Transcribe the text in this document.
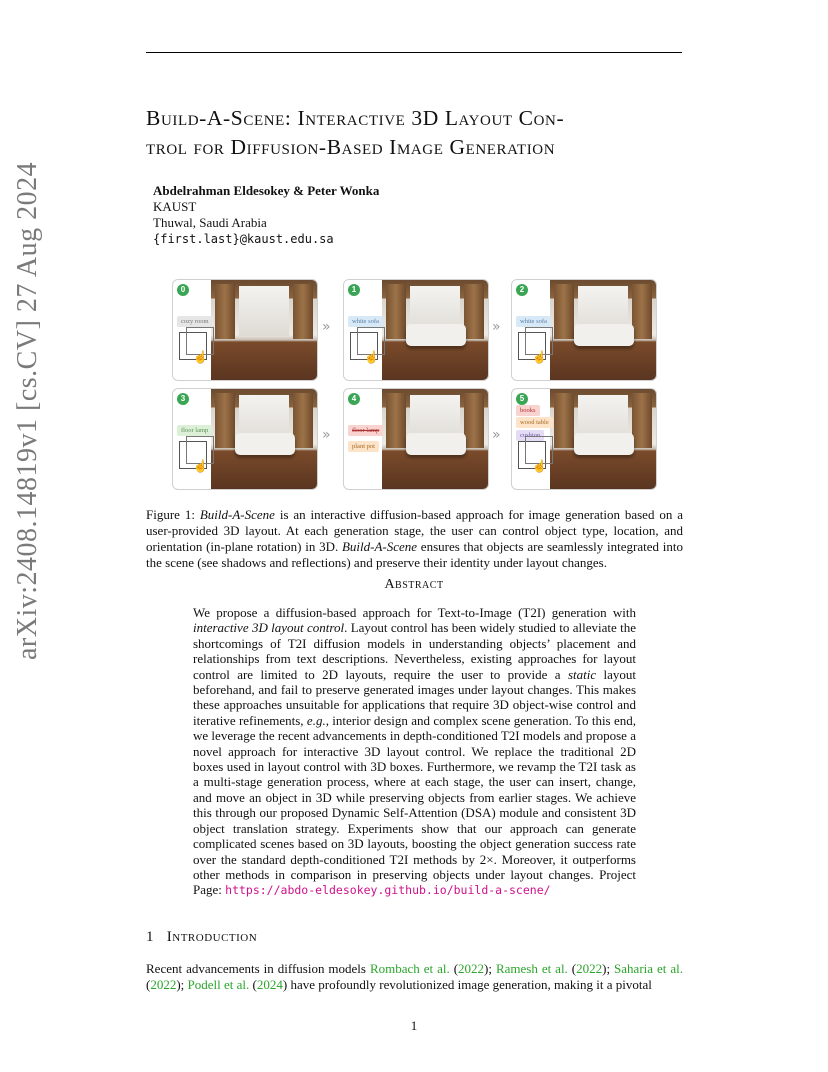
arXiv:2408.14819v1 [cs.CV] 27 Aug 2024
Build-A-Scene: Interactive 3D Layout Con-
trol for Diffusion-Based Image Generation
Abdelrahman Eldesokey & Peter Wonka
KAUST
Thuwal, Saudi Arabia
{first.last}@kaust.edu.sa
0
cozy room
☝
»
1
white sofa
☝
»
2
white sofa
☝
3
floor lamp
☝
»
4
floor lamp
plant pot
»
5
books
wood table
cushion
☝
Figure 1: Build-A-Scene is an interactive diffusion-based approach for image generation based on a user-provided 3D layout. At each generation stage, the user can control object type, location, and orientation (in-plane rotation) in 3D. Build-A-Scene ensures that objects are seamlessly integrated into the scene (see shadows and reflections) and preserve their identity under layout changes.
Abstract
We propose a diffusion-based approach for Text-to-Image (T2I) generation with interactive 3D layout control. Layout control has been widely studied to alleviate the shortcomings of T2I diffusion models in understanding objects’ placement and relationships from text descriptions. Nevertheless, existing approaches for layout control are limited to 2D layouts, require the user to provide a static layout beforehand, and fail to preserve generated images under layout changes. This makes these approaches unsuitable for applications that require 3D object-wise control and iterative refinements, e.g., interior design and complex scene generation. To this end, we leverage the recent advancements in depth-conditioned T2I models and propose a novel approach for interactive 3D layout control. We replace the traditional 2D boxes used in layout control with 3D boxes. Furthermore, we revamp the T2I task as a multi-stage generation process, where at each stage, the user can insert, change, and move an object in 3D while preserving objects from earlier stages. We achieve this through our proposed Dynamic Self-Attention (DSA) module and consistent 3D object translation strategy. Experiments show that our approach can generate complicated scenes based on 3D layouts, boosting the object generation success rate over the standard depth-conditioned T2I methods by 2×. Moreover, it outperforms other methods in comparison in preserving objects under layout changes. Project Page: https://abdo-eldesokey.github.io/build-a-scene/
1 Introduction
Recent advancements in diffusion models Rombach et al. (2022); Ramesh et al. (2022); Saharia et al. (2022); Podell et al. (2024) have profoundly revolutionized image generation, making it a pivotal
1
